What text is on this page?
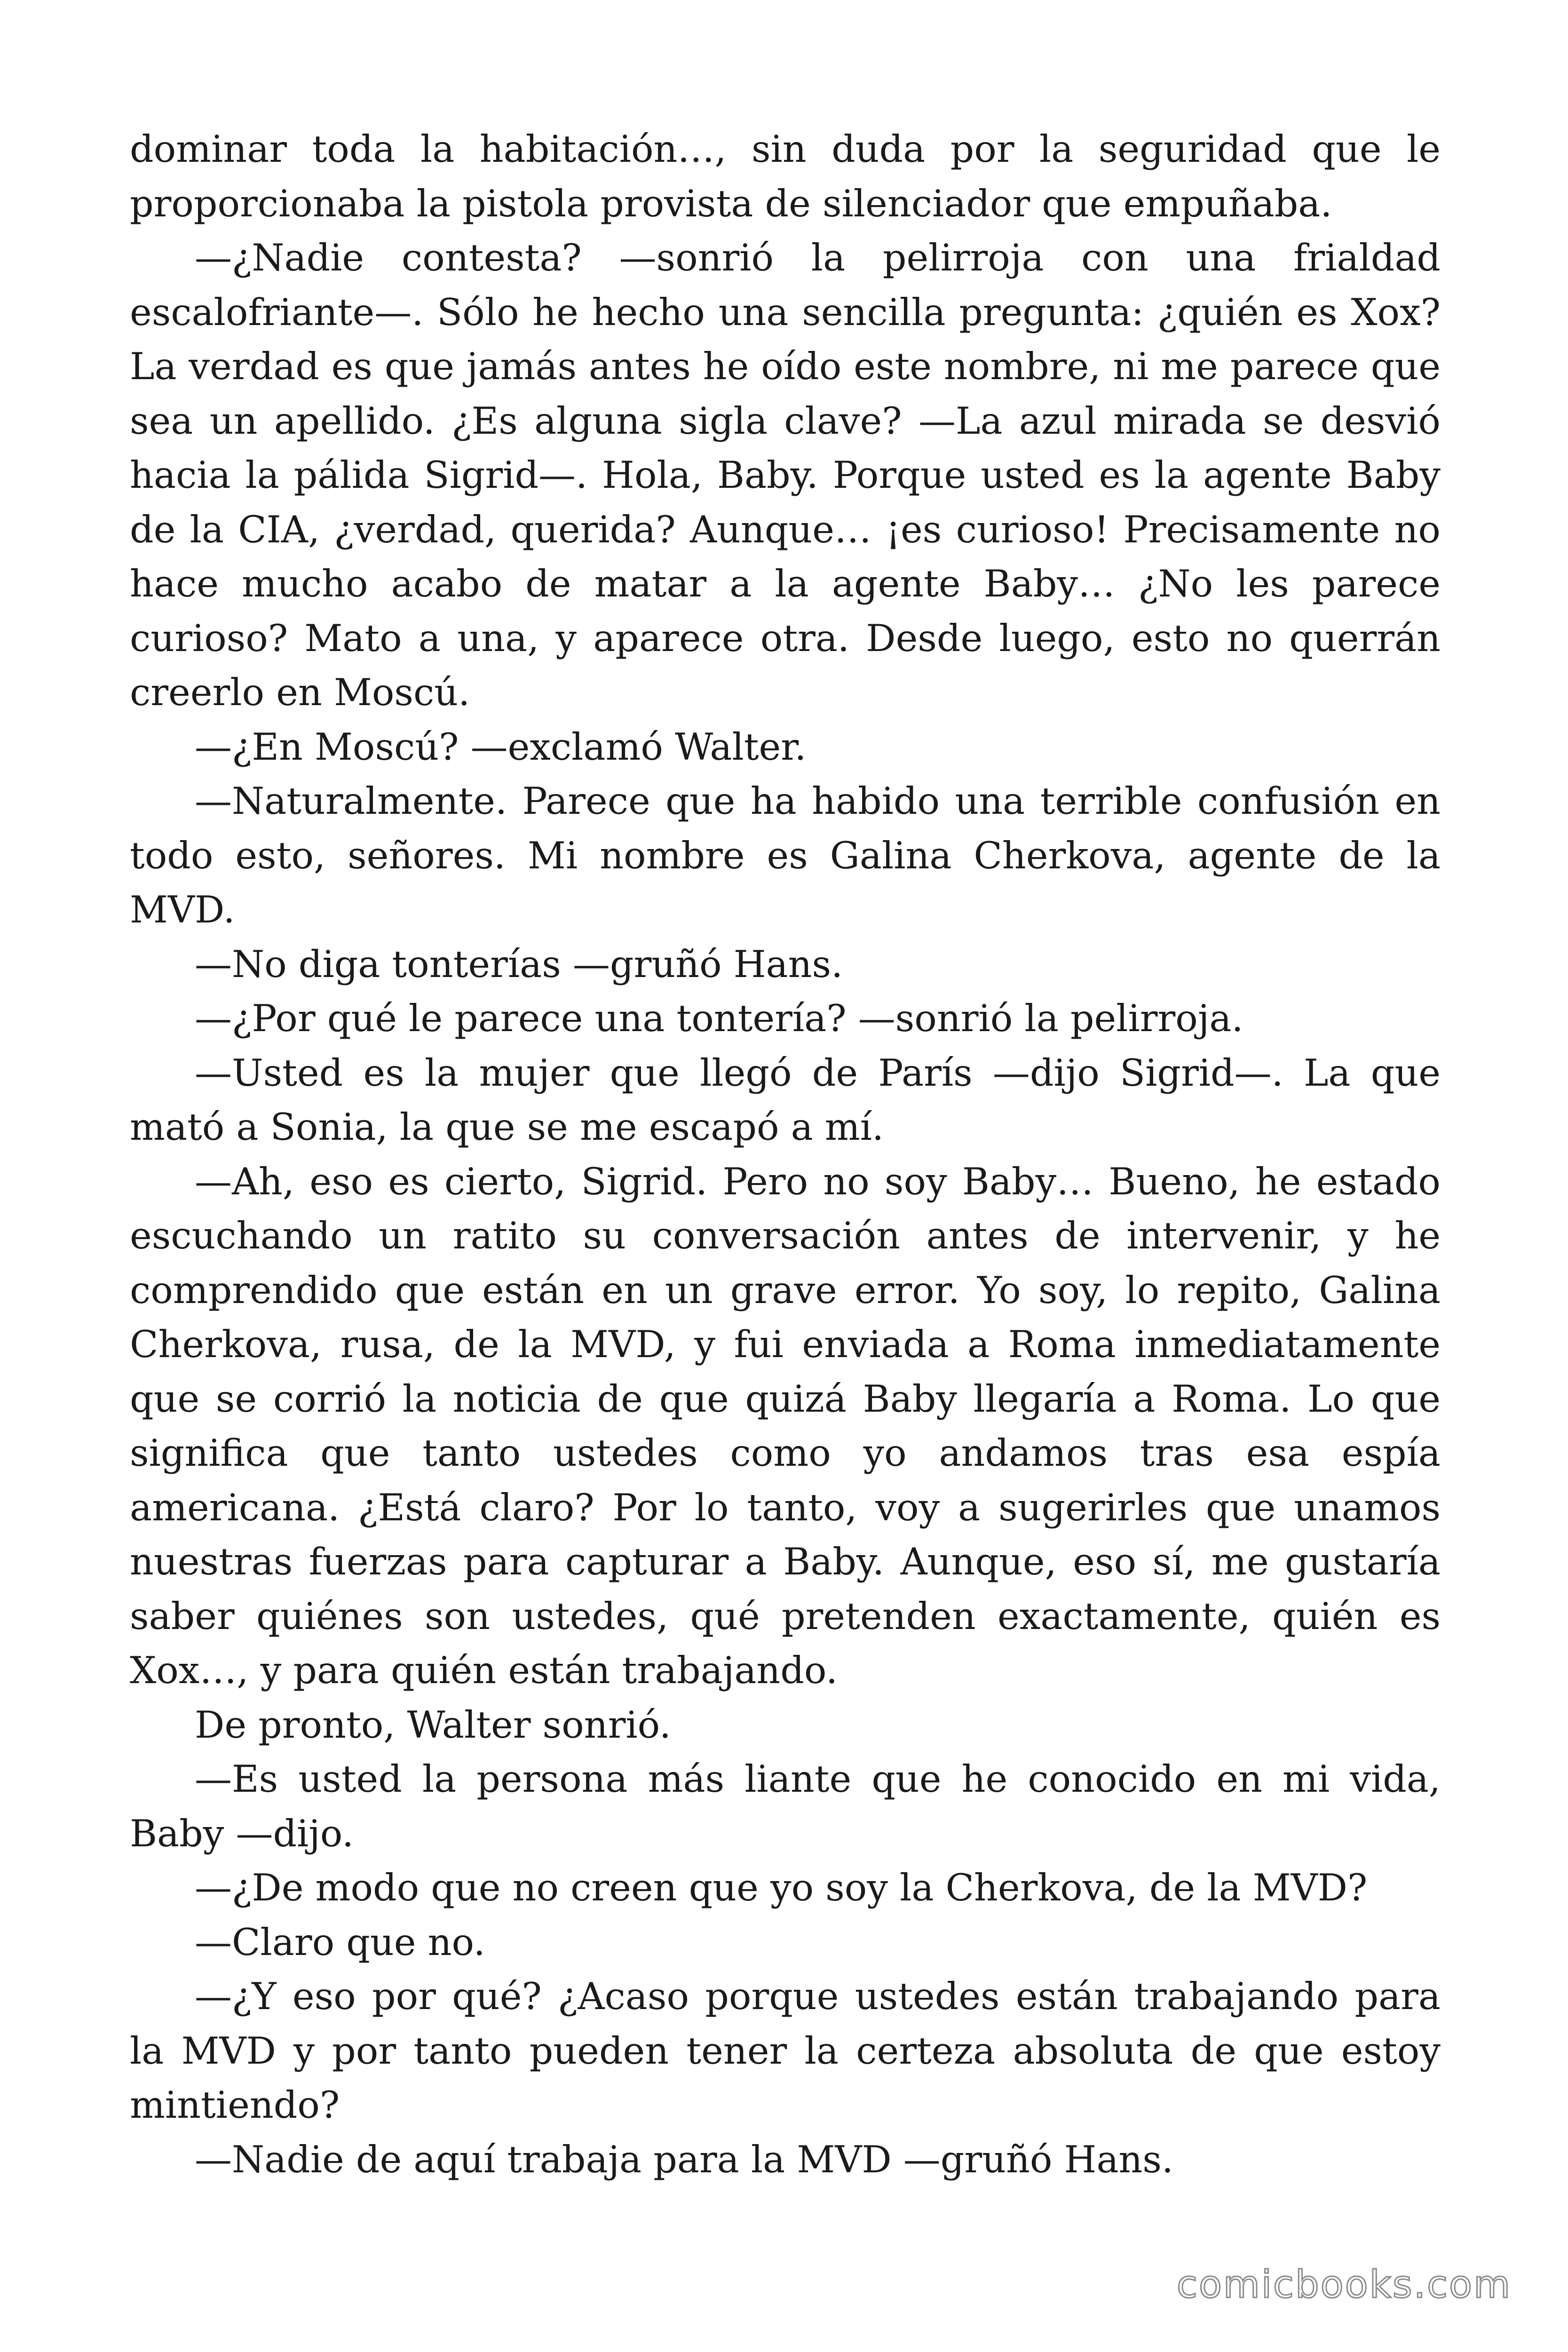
dominar toda la habitación…, sin duda por la seguridad que le proporcionaba la pistola provista de silenciador que empuñaba.

—¿Nadie contesta? —sonrió la pelirroja con una frialdad escalofriante—. Sólo he hecho una sencilla pregunta: ¿quién es Xox? La verdad es que jamás antes he oído este nombre, ni me parece que sea un apellido. ¿Es alguna sigla clave? —La azul mirada se desvió hacia la pálida Sigrid—. Hola, Baby. Porque usted es la agente Baby de la CIA, ¿verdad, querida? Aunque… ¡es curioso! Precisamente no hace mucho acabo de matar a la agente Baby… ¿No les parece curioso? Mato a una, y aparece otra. Desde luego, esto no querrán creerlo en Moscú.

—¿En Moscú? —exclamó Walter.

—Naturalmente. Parece que ha habido una terrible confusión en todo esto, señores. Mi nombre es Galina Cherkova, agente de la MVD.

—No diga tonterías —gruñó Hans.

—¿Por qué le parece una tontería? —sonrió la pelirroja.

—Usted es la mujer que llegó de París —dijo Sigrid—. La que mató a Sonia, la que se me escapó a mí.

—Ah, eso es cierto, Sigrid. Pero no soy Baby… Bueno, he estado escuchando un ratito su conversación antes de intervenir, y he comprendido que están en un grave error. Yo soy, lo repito, Galina Cherkova, rusa, de la MVD, y fui enviada a Roma inmediatamente que se corrió la noticia de que quizá Baby llegaría a Roma. Lo que significa que tanto ustedes como yo andamos tras esa espía americana. ¿Está claro? Por lo tanto, voy a sugerirles que unamos nuestras fuerzas para capturar a Baby. Aunque, eso sí, me gustaría saber quiénes son ustedes, qué pretenden exactamente, quién es Xox…, y para quién están trabajando.

De pronto, Walter sonrió.

—Es usted la persona más liante que he conocido en mi vida, Baby —dijo.

—¿De modo que no creen que yo soy la Cherkova, de la MVD?

—Claro que no.

—¿Y eso por qué? ¿Acaso porque ustedes están trabajando para la MVD y por tanto pueden tener la certeza absoluta de que estoy mintiendo?

—Nadie de aquí trabaja para la MVD —gruñó Hans.

comicbooks.com
